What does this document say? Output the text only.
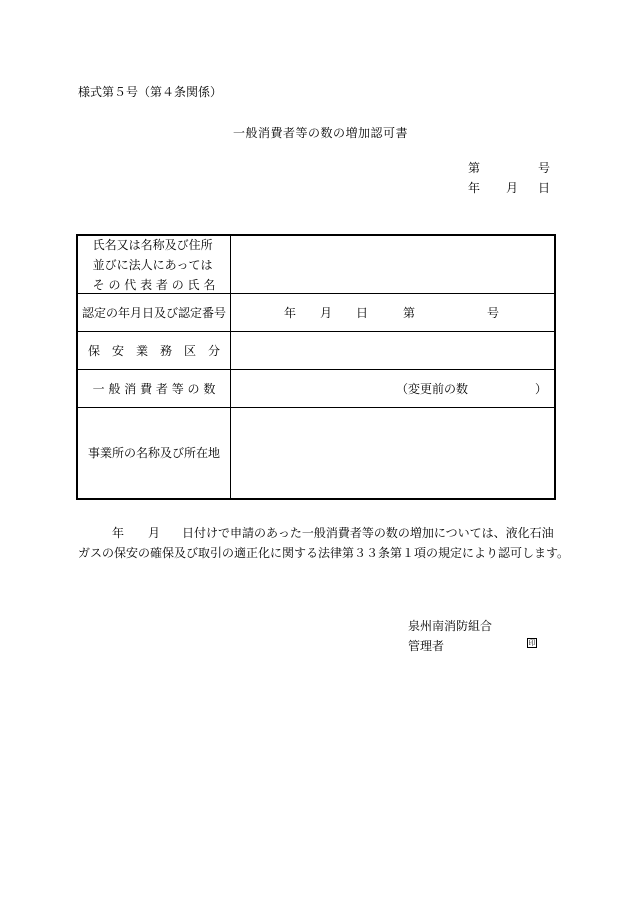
様式第５号（第４条関係）
一般消費者等の数の増加認可書
第	号
年 月 日
氏名又は名称及び住所
並びに法人にあっては
そ の 代 表 者 の 氏 名
認定の年月日及び認定番号	年 月 日	第	号
保　安　業　務　区　分
一 般 消 費 者 等 の 数	（変更前の数	）
事業所の名称及び所在地
年 月 日付けで申請のあった一般消費者等の数の増加については、液化石油
ガスの保安の確保及び取引の適正化に関する法律第３３条第１項の規定により認可します。
泉州南消防組合
管理者	印
